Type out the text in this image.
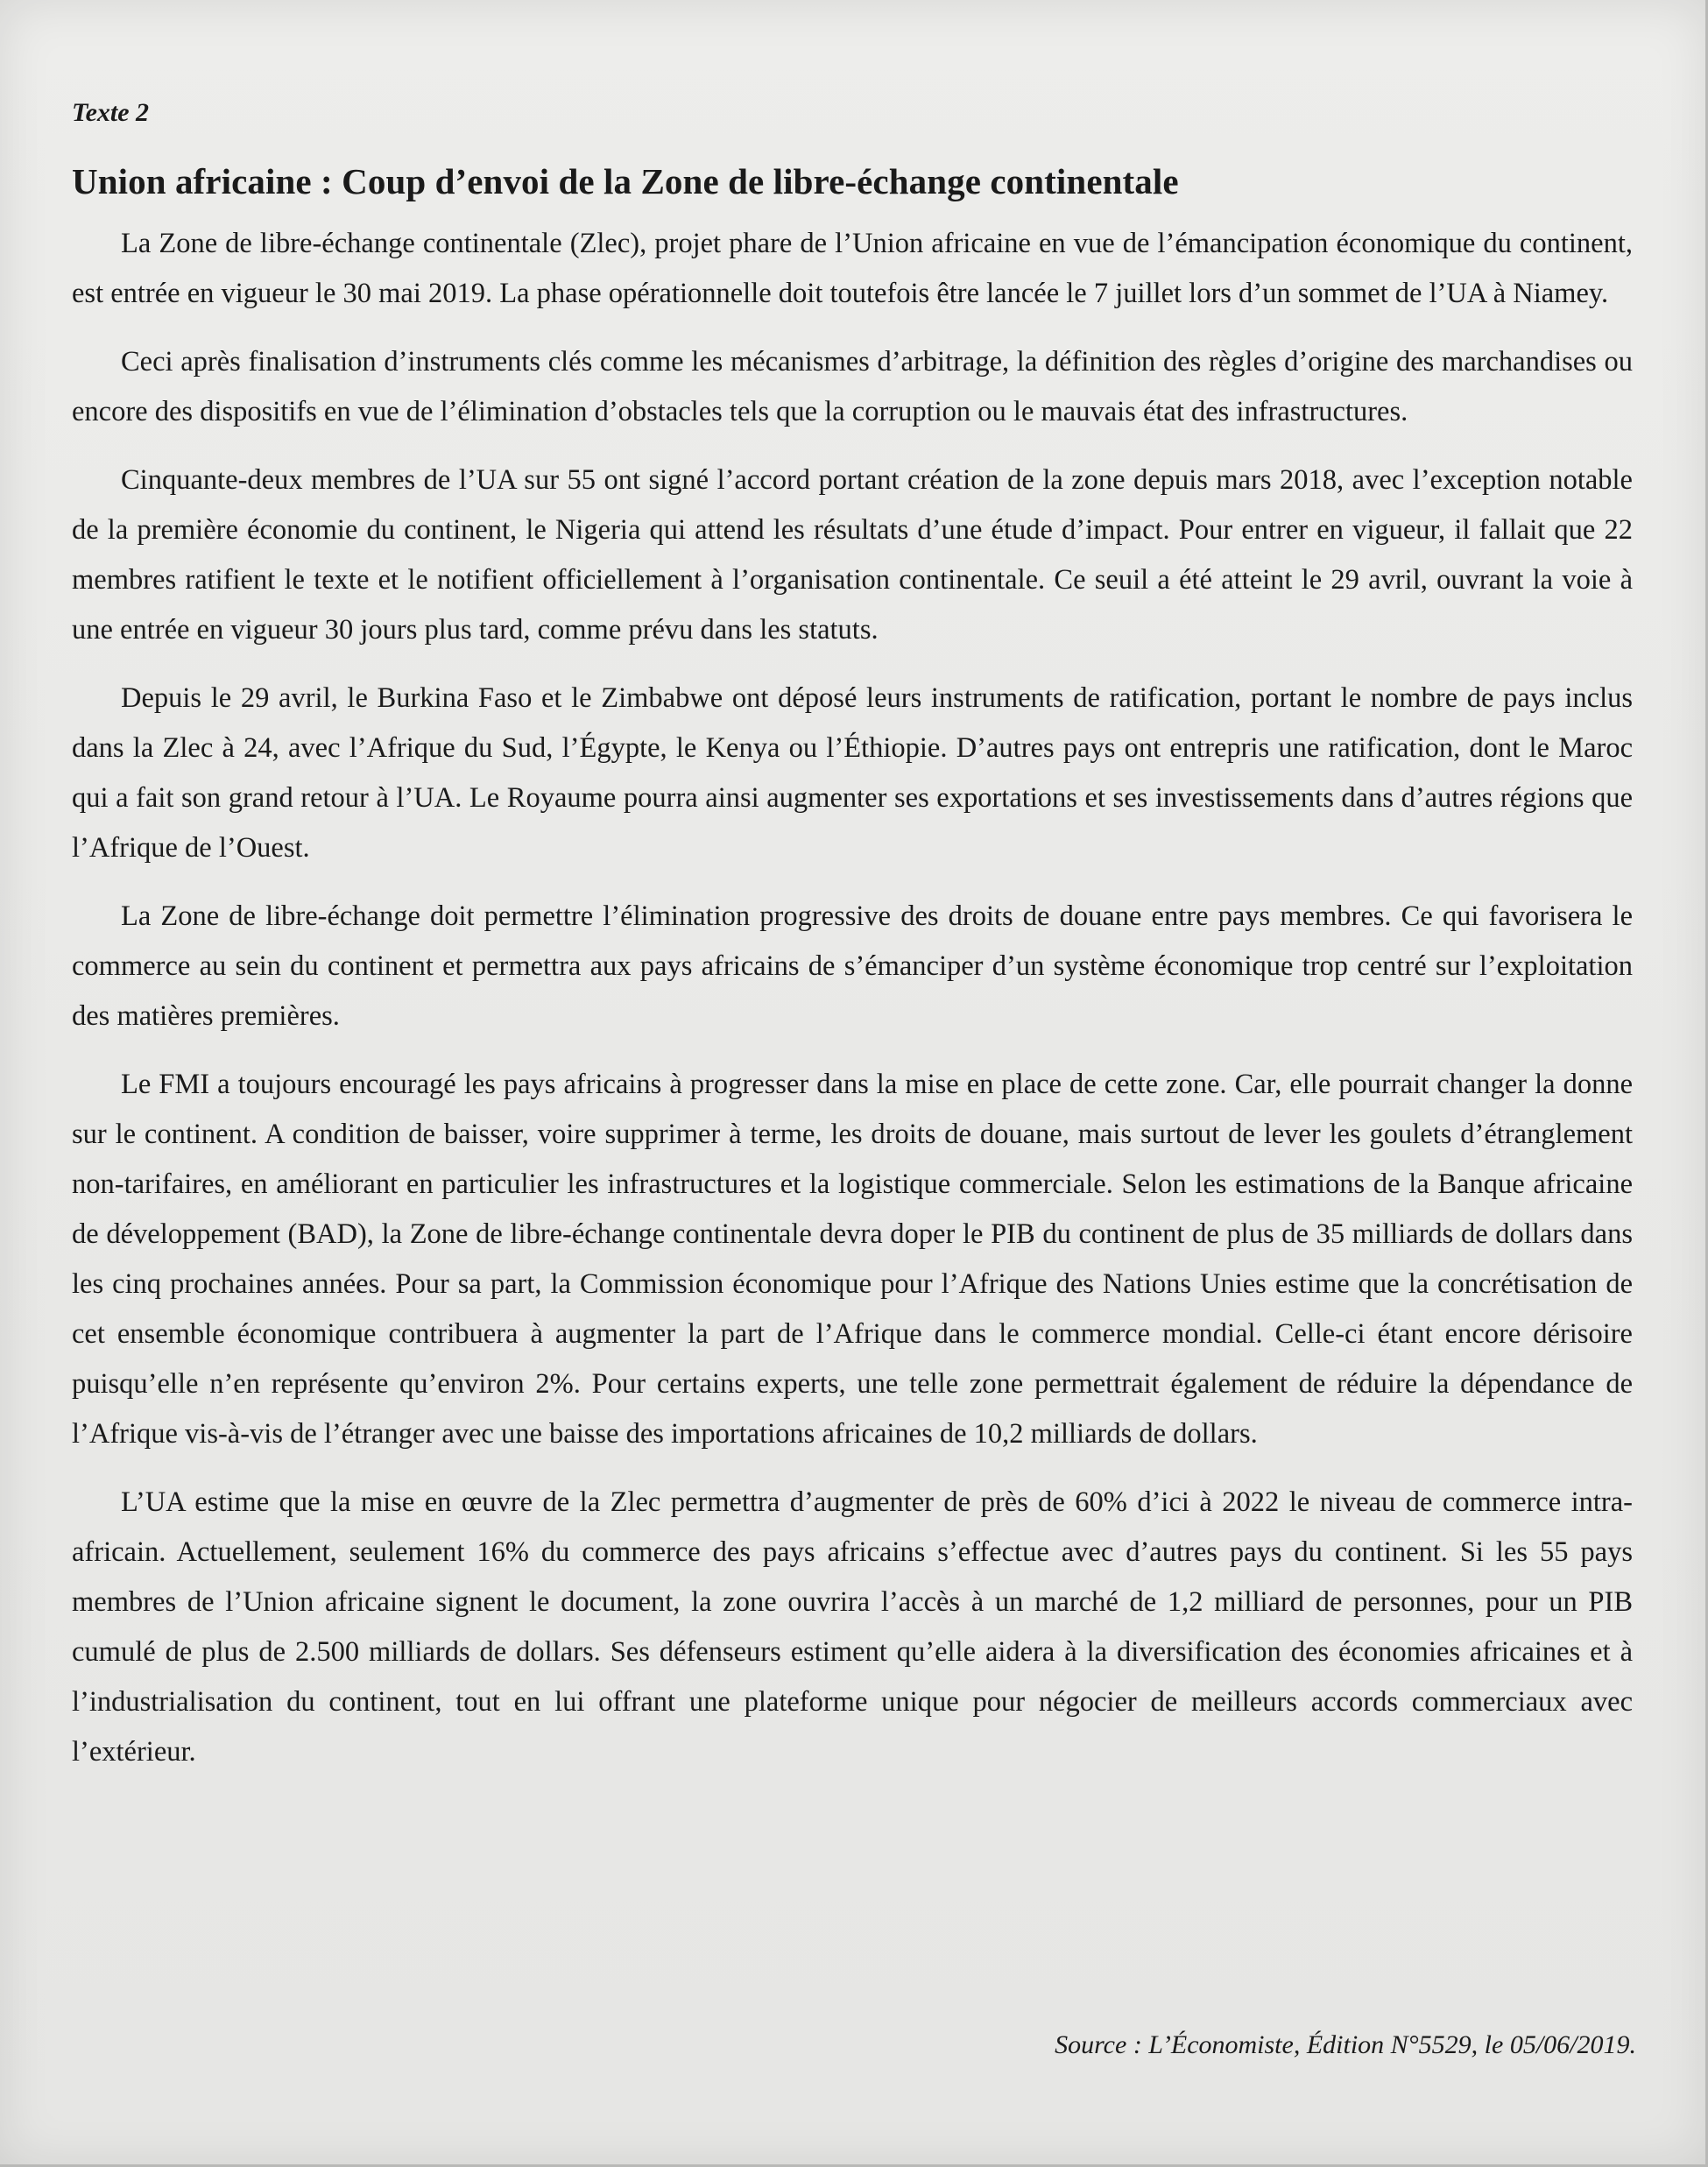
Texte 2

Union africaine : Coup d’envoi de la Zone de libre-échange continentale

La Zone de libre-échange continentale (Zlec), projet phare de l’Union africaine en vue de l’émancipation économique du continent, est entrée en vigueur le 30 mai 2019. La phase opérationnelle doit toutefois être lancée le 7 juillet lors d’un sommet de l’UA à Niamey.

Ceci après finalisation d’instruments clés comme les mécanismes d’arbitrage, la définition des règles d’origine des marchandises ou encore des dispositifs en vue de l’élimination d’obstacles tels que la corruption ou le mauvais état des infrastructures.

Cinquante-deux membres de l’UA sur 55 ont signé l’accord portant création de la zone depuis mars 2018, avec l’exception notable de la première économie du continent, le Nigeria qui attend les résultats d’une étude d’impact. Pour entrer en vigueur, il fallait que 22 membres ratifient le texte et le notifient officiellement à l’organisation continentale. Ce seuil a été atteint le 29 avril, ouvrant la voie à une entrée en vigueur 30 jours plus tard, comme prévu dans les statuts.

Depuis le 29 avril, le Burkina Faso et le Zimbabwe ont déposé leurs instruments de ratification, portant le nombre de pays inclus dans la Zlec à 24, avec l’Afrique du Sud, l’Égypte, le Kenya ou l’Éthiopie. D’autres pays ont entrepris une ratification, dont le Maroc qui a fait son grand retour à l’UA. Le Royaume pourra ainsi augmenter ses exportations et ses investissements dans d’autres régions que l’Afrique de l’Ouest.

La Zone de libre-échange doit permettre l’élimination progressive des droits de douane entre pays membres. Ce qui favorisera le commerce au sein du continent et permettra aux pays africains de s’émanciper d’un système économique trop centré sur l’exploitation des matières premières.

Le FMI a toujours encouragé les pays africains à progresser dans la mise en place de cette zone. Car, elle pourrait changer la donne sur le continent. A condition de baisser, voire supprimer à terme, les droits de douane, mais surtout de lever les goulets d’étranglement non-tarifaires, en améliorant en particulier les infrastructures et la logistique commerciale. Selon les estimations de la Banque africaine de développement (BAD), la Zone de libre-échange continentale devra doper le PIB du continent de plus de 35 milliards de dollars dans les cinq prochaines années. Pour sa part, la Commission économique pour l’Afrique des Nations Unies estime que la concrétisation de cet ensemble économique contribuera à augmenter la part de l’Afrique dans le commerce mondial. Celle-ci étant encore dérisoire puisqu’elle n’en représente qu’environ 2%. Pour certains experts, une telle zone permettrait également de réduire la dépendance de l’Afrique vis-à-vis de l’étranger avec une baisse des importations africaines de 10,2 milliards de dollars.

L’UA estime que la mise en œuvre de la Zlec permettra d’augmenter de près de 60% d’ici à 2022 le niveau de commerce intra-africain. Actuellement, seulement 16% du commerce des pays africains s’effectue avec d’autres pays du continent. Si les 55 pays membres de l’Union africaine signent le document, la zone ouvrira l’accès à un marché de 1,2 milliard de personnes, pour un PIB cumulé de plus de 2.500 milliards de dollars. Ses défenseurs estiment qu’elle aidera à la diversification des économies africaines et à l’industrialisation du continent, tout en lui offrant une plateforme unique pour négocier de meilleurs accords commerciaux avec l’extérieur.

Source : L’Économiste, Édition N°5529, le 05/06/2019.
